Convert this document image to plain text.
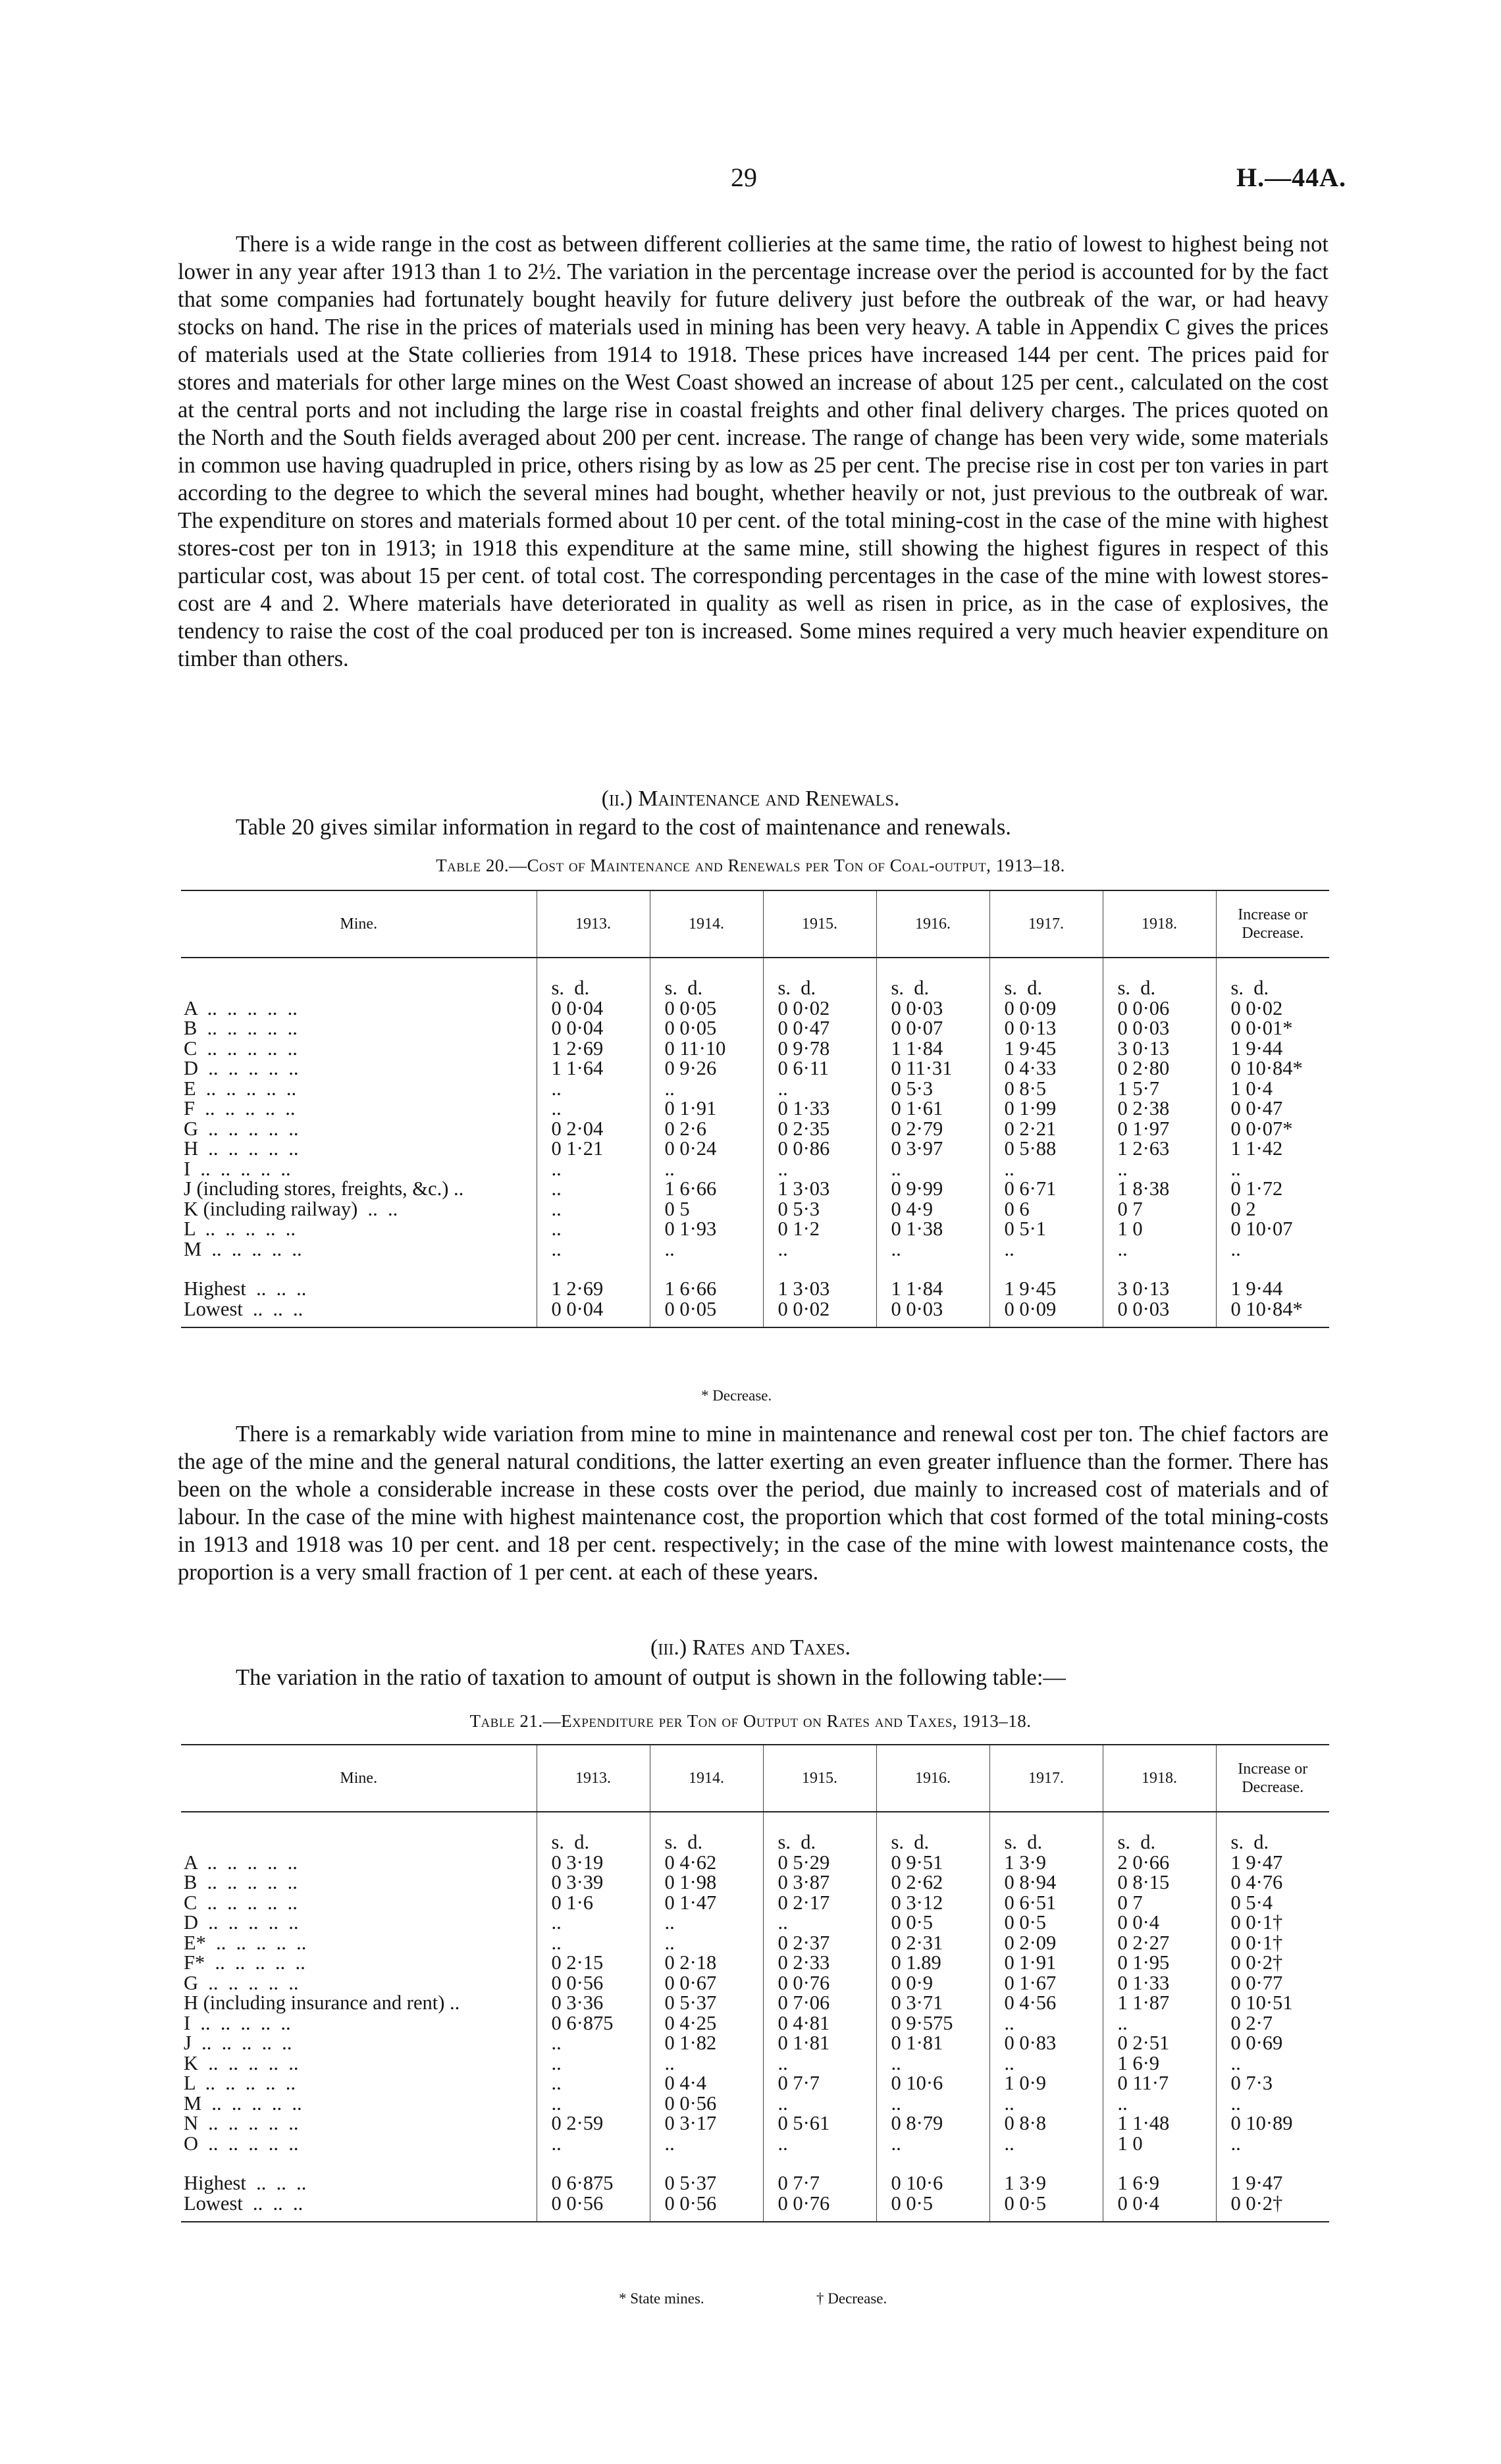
29	H.—44A.

There is a wide range in the cost as between different collieries at the same time, the ratio of lowest to highest being not lower in any year after 1913 than 1 to 2½. The variation in the percentage increase over the period is accounted for by the fact that some companies had fortunately bought heavily for future delivery just before the outbreak of the war, or had heavy stocks on hand. The rise in the prices of materials used in mining has been very heavy. A table in Appendix C gives the prices of materials used at the State collieries from 1914 to 1918. These prices have increased 144 per cent. The prices paid for stores and materials for other large mines on the West Coast showed an increase of about 125 per cent., calculated on the cost at the central ports and not including the large rise in coastal freights and other final delivery charges. The prices quoted on the North and the South fields averaged about 200 per cent. increase. The range of change has been very wide, some materials in common use having quadrupled in price, others rising by as low as 25 per cent. The precise rise in cost per ton varies in part according to the degree to which the several mines had bought, whether heavily or not, just previous to the outbreak of war. The expenditure on stores and materials formed about 10 per cent. of the total mining-cost in the case of the mine with highest stores-cost per ton in 1913; in 1918 this expenditure at the same mine, still showing the highest figures in respect of this particular cost, was about 15 per cent. of total cost. The corresponding percentages in the case of the mine with lowest stores-cost are 4 and 2. Where materials have deteriorated in quality as well as risen in price, as in the case of explosives, the tendency to raise the cost of the coal produced per ton is increased. Some mines required a very much heavier expenditure on timber than others.

(ii.) Maintenance and Renewals.

Table 20 gives similar information in regard to the cost of maintenance and renewals.

Table 20.—Cost of Maintenance and Renewals per Ton of Coal-output, 1913–18.
Mine.	1913.	1914.	1915.	1916.	1917.	1918.	Increase or Decrease.
	s.  d.	s.  d.	s.  d.	s.  d.	s.  d.	s.  d.	s.  d.
A  ..  ..  ..  ..  ..	0 0·04	0 0·05	0 0·02	0 0·03	0 0·09	0 0·06	0 0·02
B  ..  ..  ..  ..  ..	0 0·04	0 0·05	0 0·47	0 0·07	0 0·13	0 0·03	0 0·01*
C  ..  ..  ..  ..  ..	1 2·69	0 11·10	0 9·78	1 1·84	1 9·45	3 0·13	1 9·44
D  ..  ..  ..  ..  ..	1 1·64	0 9·26	0 6·11	0 11·31	0 4·33	0 2·80	0 10·84*
E  ..  ..  ..  ..  ..	..	..	..	0 5·3	0 8·5	1 5·7	1 0·4
F  ..  ..  ..  ..  ..	..	0 1·91	0 1·33	0 1·61	0 1·99	0 2·38	0 0·47
G  ..  ..  ..  ..  ..	0 2·04	0 2·6	0 2·35	0 2·79	0 2·21	0 1·97	0 0·07*
H  ..  ..  ..  ..  ..	0 1·21	0 0·24	0 0·86	0 3·97	0 5·88	1 2·63	1 1·42
I  ..  ..  ..  ..  ..	..	..	..	..	..	..	..
J (including stores, freights, &c.) ..	..	1 6·66	1 3·03	0 9·99	0 6·71	1 8·38	0 1·72
K (including railway)  ..  ..	..	0 5	0 5·3	0 4·9	0 6	0 7	0 2
L  ..  ..  ..  ..  ..	..	0 1·93	0 1·2	0 1·38	0 5·1	1 0	0 10·07
M  ..  ..  ..  ..  ..	..	..	..	..	..	..	..

Highest  ..  ..  ..	1 2·69	1 6·66	1 3·03	1 1·84	1 9·45	3 0·13	1 9·44
Lowest  ..  ..  ..	0 0·04	0 0·05	0 0·02	0 0·03	0 0·09	0 0·03	0 10·84*
* Decrease.

There is a remarkably wide variation from mine to mine in maintenance and renewal cost per ton. The chief factors are the age of the mine and the general natural conditions, the latter exerting an even greater influence than the former. There has been on the whole a considerable increase in these costs over the period, due mainly to increased cost of materials and of labour. In the case of the mine with highest maintenance cost, the proportion which that cost formed of the total mining-costs in 1913 and 1918 was 10 per cent. and 18 per cent. respectively; in the case of the mine with lowest maintenance costs, the proportion is a very small fraction of 1 per cent. at each of these years.

(iii.) Rates and Taxes.

The variation in the ratio of taxation to amount of output is shown in the following table:—

Table 21.—Expenditure per Ton of Output on Rates and Taxes, 1913–18.
Mine.	1913.	1914.	1915.	1916.	1917.	1918.	Increase or Decrease.
	s.  d.	s.  d.	s.  d.	s.  d.	s.  d.	s.  d.	s.  d.
A  ..  ..  ..  ..  ..	0 3·19	0 4·62	0 5·29	0 9·51	1 3·9	2 0·66	1 9·47
B  ..  ..  ..  ..  ..	0 3·39	0 1·98	0 3·87	0 2·62	0 8·94	0 8·15	0 4·76
C  ..  ..  ..  ..  ..	0 1·6	0 1·47	0 2·17	0 3·12	0 6·51	0 7	0 5·4
D  ..  ..  ..  ..  ..	..	..	..	0 0·5	0 0·5	0 0·4	0 0·1†
E*  ..  ..  ..  ..  ..	..	..	0 2·37	0 2·31	0 2·09	0 2·27	0 0·1†
F*  ..  ..  ..  ..  ..	0 2·15	0 2·18	0 2·33	0 1.89	0 1·91	0 1·95	0 0·2†
G  ..  ..  ..  ..  ..	0 0·56	0 0·67	0 0·76	0 0·9	0 1·67	0 1·33	0 0·77
H (including insurance and rent) ..	0 3·36	0 5·37	0 7·06	0 3·71	0 4·56	1 1·87	0 10·51
I  ..  ..  ..  ..  ..	0 6·875	0 4·25	0 4·81	0 9·575	..	..	0 2·7
J  ..  ..  ..  ..  ..	..	0 1·82	0 1·81	0 1·81	0 0·83	0 2·51	0 0·69
K  ..  ..  ..  ..  ..	..	..	..	..	..	1 6·9	..
L  ..  ..  ..  ..  ..	..	0 4·4	0 7·7	0 10·6	1 0·9	0 11·7	0 7·3
M  ..  ..  ..  ..  ..	..	0 0·56	..	..	..	..	..
N  ..  ..  ..  ..  ..	0 2·59	0 3·17	0 5·61	0 8·79	0 8·8	1 1·48	0 10·89
O  ..  ..  ..  ..  ..	..	..	..	..	..	1 0	..

Highest  ..  ..  ..	0 6·875	0 5·37	0 7·7	0 10·6	1 3·9	1 6·9	1 9·47
Lowest  ..  ..  ..	0 0·56	0 0·56	0 0·76	0 0·5	0 0·5	0 0·4	0 0·2†
* State mines.	† Decrease.
